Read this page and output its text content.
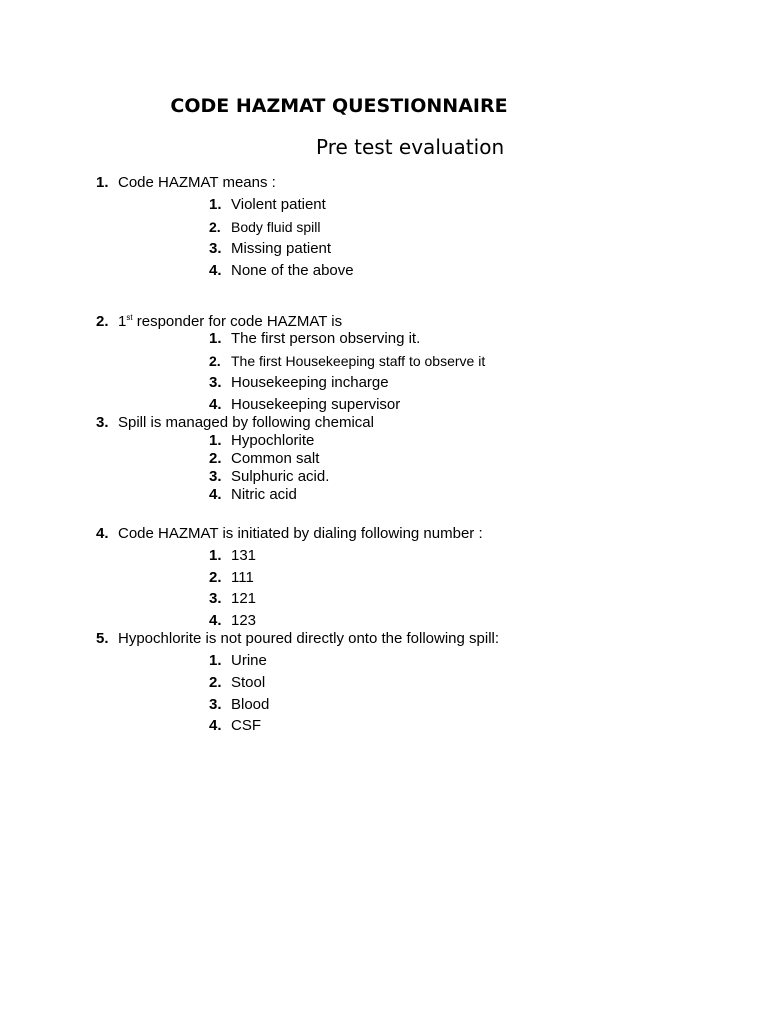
CODE HAZMAT QUESTIONNAIRE
Pre test evaluation
1. Code HAZMAT means :
1. Violent patient
2. Body fluid spill
3. Missing patient
4. None of the above
2. 1st responder for code HAZMAT is
1. The first person observing it.
2. The first Housekeeping staff to observe it
3. Housekeeping incharge
4. Housekeeping supervisor
3. Spill is managed by following chemical
1. Hypochlorite
2. Common salt
3. Sulphuric acid.
4. Nitric acid
4. Code HAZMAT is initiated by dialing following number :
1. 131
2. 111
3. 121
4. 123
5. Hypochlorite is not poured directly onto the following spill:
1. Urine
2. Stool
3. Blood
4. CSF
